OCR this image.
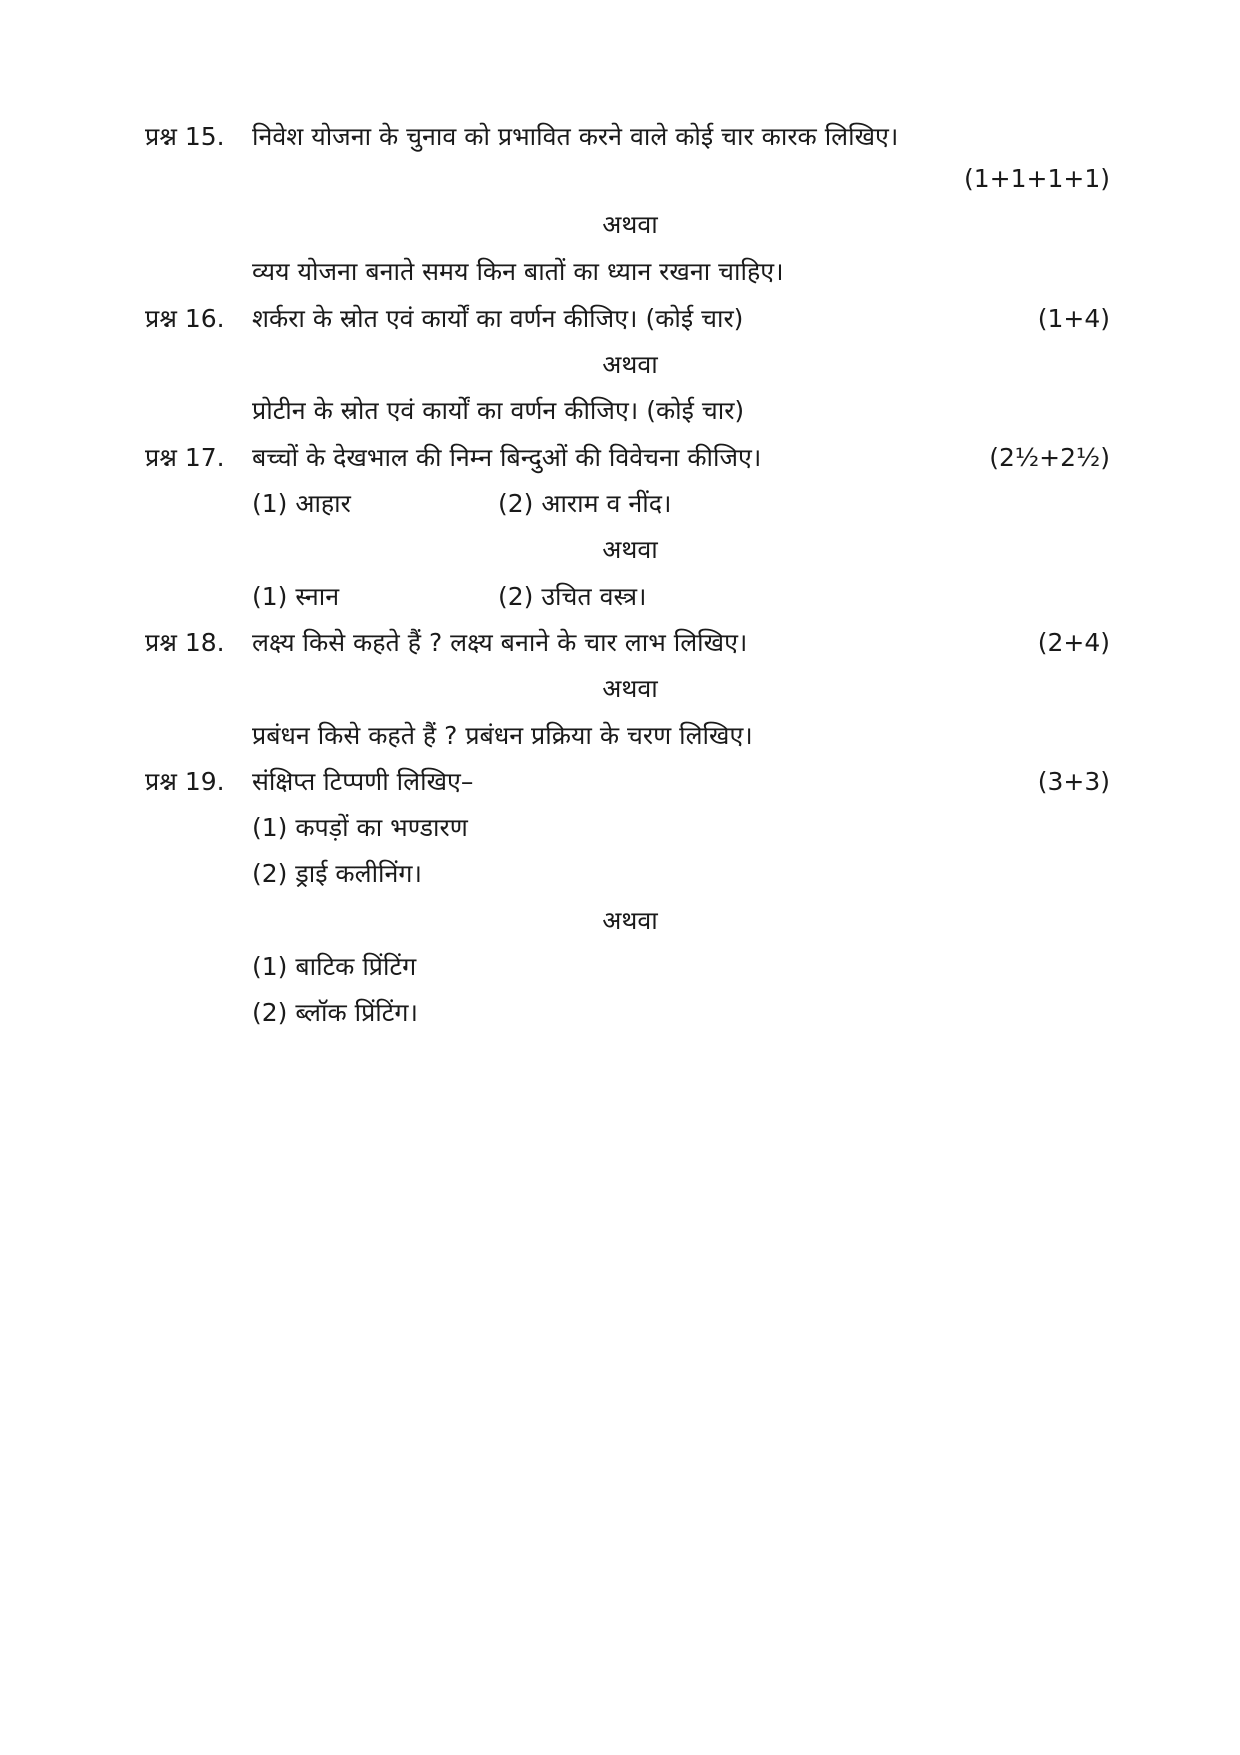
प्रश्न 15. निवेश योजना के चुनाव को प्रभावित करने वाले कोई चार कारक लिखिए।
(1+1+1+1)
अथवा
व्यय योजना बनाते समय किन बातों का ध्यान रखना चाहिए।
प्रश्न 16. शर्करा के स्रोत एवं कार्यों का वर्णन कीजिए। (कोई चार)	(1+4)
अथवा
प्रोटीन के स्रोत एवं कार्यों का वर्णन कीजिए। (कोई चार)
प्रश्न 17. बच्चों के देखभाल की निम्न बिन्दुओं की विवेचना कीजिए।	(2½+2½)
(1) आहार	(2) आराम व नींद।
अथवा
(1) स्नान	(2) उचित वस्त्र।
प्रश्न 18. लक्ष्य किसे कहते हैं ? लक्ष्य बनाने के चार लाभ लिखिए।	(2+4)
अथवा
प्रबंधन किसे कहते हैं ? प्रबंधन प्रक्रिया के चरण लिखिए।
प्रश्न 19. संक्षिप्त टिप्पणी लिखिए–	(3+3)
(1) कपड़ों का भण्डारण
(2) ड्राई कलीनिंग।
अथवा
(1) बाटिक प्रिंटिंग
(2) ब्लॉक प्रिंटिंग।
